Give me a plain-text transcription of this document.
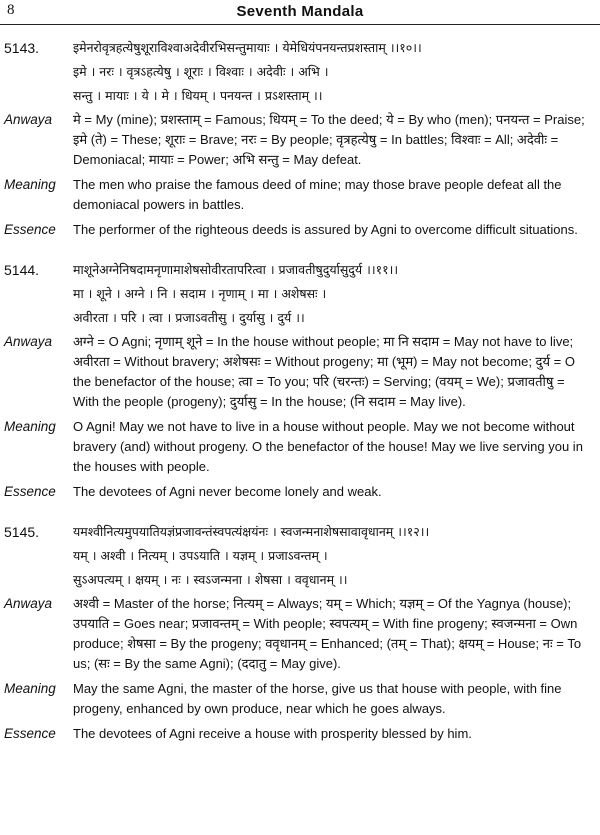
8	Seventh Mandala
5143.	इमेनरोवृत्रहत्येषुशूराविश्वाअदेवीरभिसन्तुमायाः । येमेधियंपनयन्तप्रशस्ताम् ।।१०।।
इमे । नरः । वृत्रऽहत्येषु । शूराः । विश्वाः । अदेवीः । अभि ।
सन्तु । मायाः । ये । मे । धियम् । पनयन्त । प्रऽशस्ताम् ।।
Anwaya	मे = My (mine); प्रशस्ताम् = Famous; धियम् = To the deed; ये = By who (men); पनयन्त = Praise; इमे (ते) = These; शूराः = Brave; नरः = By people; वृत्रहत्येषु = In battles; विश्वाः = All; अदेवीः = Demoniacal; मायाः = Power; अभि सन्तु = May defeat.
Meaning	The men who praise the famous deed of mine; may those brave people defeat all the demoniacal powers in battles.
Essence	The performer of the righteous deeds is assured by Agni to overcome difficult situations.
5144.	माशूनेअग्नेनिषदामनृणामाशेषसोवीरतापरित्वा । प्रजावतीषुदुर्यासुदुर्य ।।११।।
मा । शूने । अग्ने । नि । सदाम । नृणाम् । मा । अशेषसः ।
अवीरता । परि । त्वा । प्रजाऽवतीसु । दुर्यासु । दुर्य ।।
Anwaya	अग्ने = O Agni; नृणाम् शूने = In the house without people; मा नि सदाम = May not have to live; अवीरता = Without bravery; अशेषसः = Without progeny; मा (भूम) = May not become; दुर्य = O the benefactor of the house; त्वा = To you; परि (चरन्तः) = Serving; (वयम् = We); प्रजावतीषु = With the people (progeny); दुर्यासु = In the house; (नि सदाम = May live).
Meaning	O Agni! May we not have to live in a house without people. May we not become without bravery (and) without progeny. O the benefactor of the house! May we live serving you in the houses with people.
Essence	The devotees of Agni never become lonely and weak.
5145.	यमश्वीनित्यमुपयातियज्ञंप्रजावन्तंस्वपत्यंक्षयंनः । स्वजन्मनाशेषसावावृधानम् ।।१२।।
यम् । अश्वी । नित्यम् । उपऽयाति । यज्ञम् । प्रजाऽवन्तम् ।
सुऽअपत्यम् । क्षयम् । नः । स्वऽजन्मना । शेषसा । ववृधानम् ।।
Anwaya	अश्वी = Master of the horse; नित्यम् = Always; यम् = Which; यज्ञम् = Of the Yagnya (house); उपयाति = Goes near; प्रजावन्तम् = With people; स्वपत्यम् = With fine progeny; स्वजन्मना = Own produce; शेषसा = By the progeny; ववृधानम् = Enhanced; (तम् = That); क्षयम् = House; नः = To us; (सः = By the same Agni); (ददातु = May give).
Meaning	May the same Agni, the master of the horse, give us that house with people, with fine progeny, enhanced by own produce, near which he goes always.
Essence	The devotees of Agni receive a house with prosperity blessed by him.
